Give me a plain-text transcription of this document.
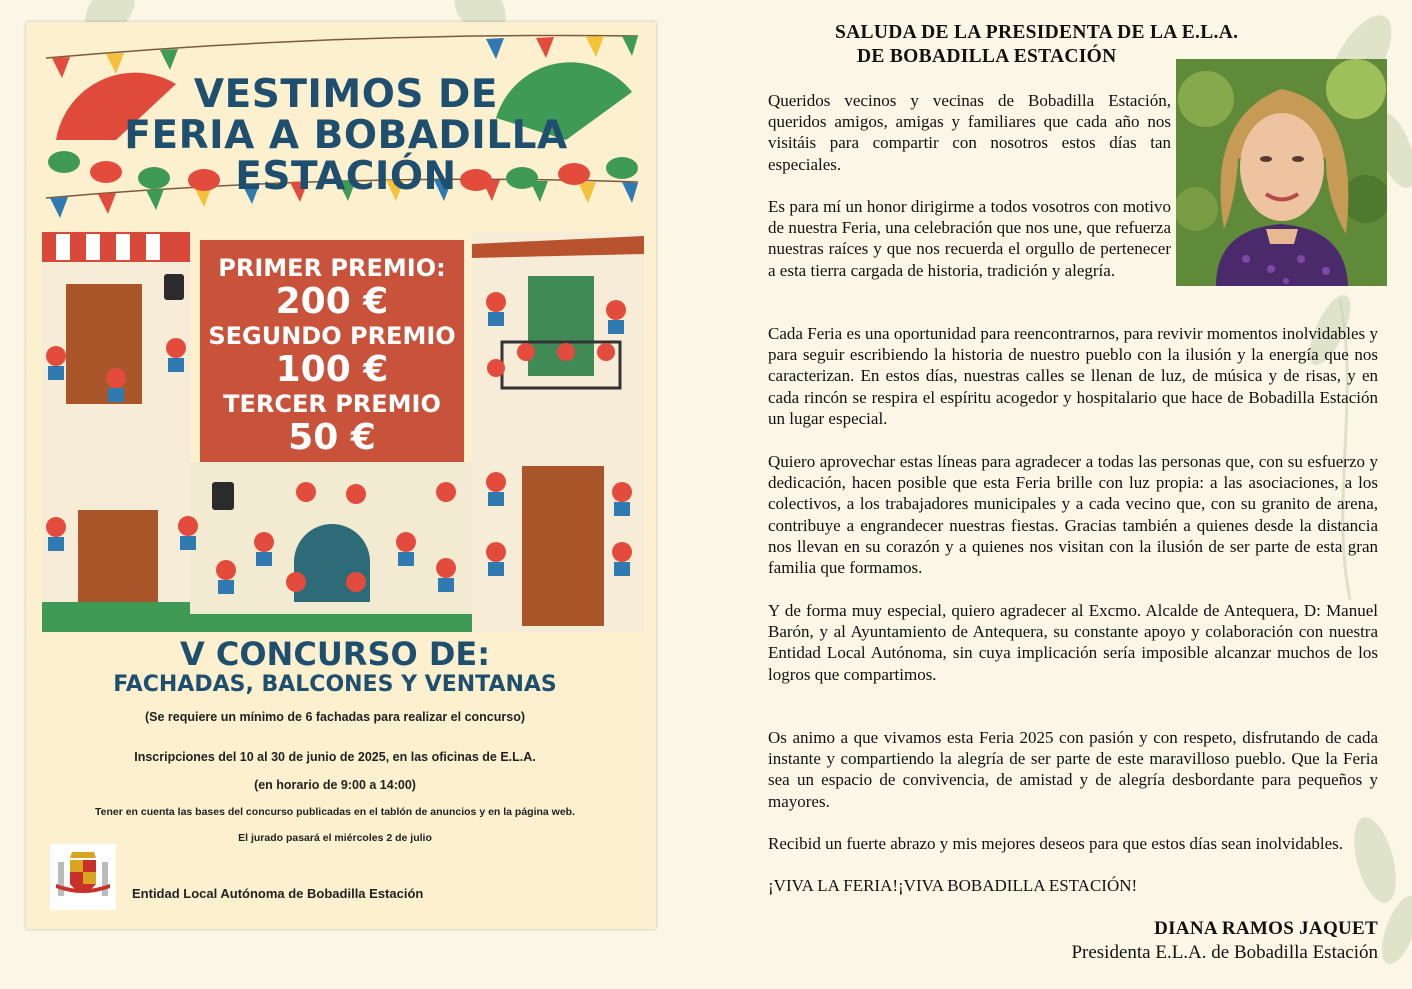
VESTIMOS DE
FERIA A BOBADILLA
ESTACIÓN
PRIMER PREMIO:
200 €
SEGUNDO PREMIO
100 €
TERCER PREMIO
50 €
V CONCURSO DE:
FACHADAS, BALCONES Y VENTANAS
(Se requiere un mínimo de 6 fachadas para realizar el concurso)
Inscripciones del 10 al 30 de junio de 2025, en las oficinas de E.L.A.
(en horario de 9:00 a 14:00)
Tener en cuenta las bases del concurso publicadas en el tablón de anuncios y en la página web.
El jurado pasará el miércoles 2 de julio
Entidad Local Autónoma de Bobadilla Estación
SALUDA DE LA PRESIDENTA DE LA E.L.A.
DE BOBADILLA ESTACIÓN

Queridos vecinos y vecinas de Bobadilla Estación, queridos amigos, amigas y familiares que cada año nos visitáis para compartir con nosotros estos días tan especiales.

Es para mí un honor dirigirme a todos vosotros con motivo de nuestra Feria, una celebración que nos une, que refuerza nuestras raíces y que nos recuerda el orgullo de pertenecer a esta tierra cargada de historia, tradición y alegría.

Cada Feria es una oportunidad para reencontrarnos, para revivir momentos inolvidables y para seguir escribiendo la historia de nuestro pueblo con la ilusión y la energía que nos caracterizan. En estos días, nuestras calles se llenan de luz, de música y de risas, y en cada rincón se respira el espíritu acogedor y hospitalario que hace de Bobadilla Estación un lugar especial.

Quiero aprovechar estas líneas para agradecer a todas las personas que, con su esfuerzo y dedicación, hacen posible que esta Feria brille con luz propia: a las asociaciones, a los colectivos, a los trabajadores municipales y a cada vecino que, con su granito de arena, contribuye a engrandecer nuestras fiestas. Gracias también a quienes desde la distancia nos llevan en su corazón y a quienes nos visitan con la ilusión de ser parte de esta gran familia que formamos.

Y de forma muy especial, quiero agradecer al Excmo. Alcalde de Antequera, D: Manuel Barón, y al Ayuntamiento de Antequera, su constante apoyo y colaboración con nuestra Entidad Local Autónoma, sin cuya implicación sería imposible alcanzar muchos de los logros que compartimos.

Os animo a que vivamos esta Feria 2025 con pasión y con respeto, disfrutando de cada instante y compartiendo la alegría de ser parte de este maravilloso pueblo. Que la Feria sea un espacio de convivencia, de amistad y de alegría desbordante para pequeños y mayores.

Recibid un fuerte abrazo y mis mejores deseos para que estos días sean inolvidables.

¡VIVA LA FERIA!¡VIVA BOBADILLA ESTACIÓN!

DIANA RAMOS JAQUET
Presidenta E.L.A. de Bobadilla Estación
